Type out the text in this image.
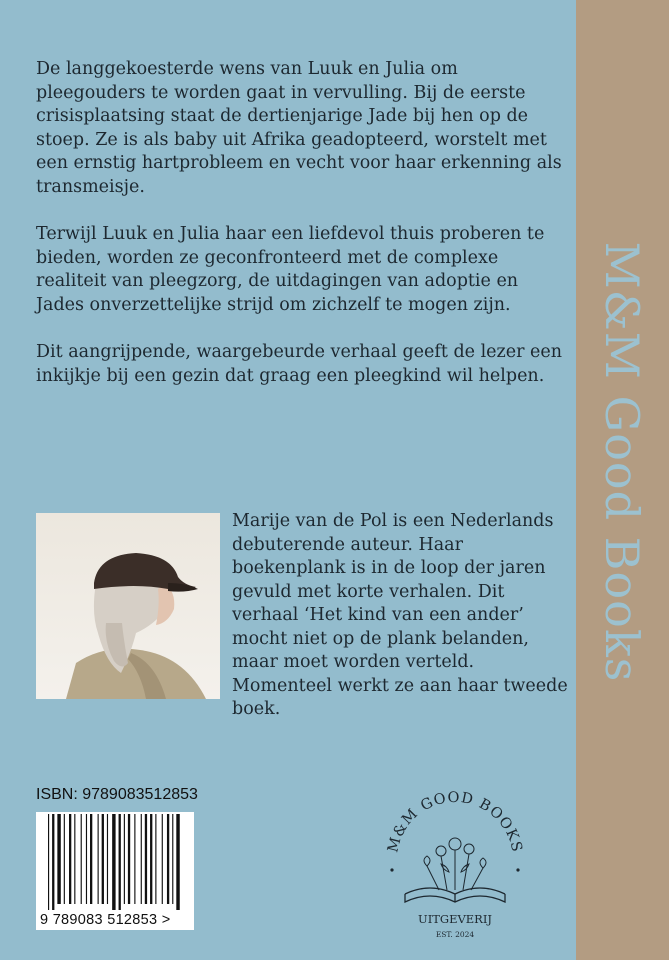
M&M Good Books

De langgekoesterde wens van Luuk en Julia om pleegouders te worden gaat in vervulling. Bij de eerste crisisplaatsing staat de dertienjarige Jade bij hen op de stoep. Ze is als baby uit Afrika geadopteerd, worstelt met een ernstig hartprobleem en vecht voor haar erkenning als transmeisje.

Terwijl Luuk en Julia haar een liefdevol thuis proberen te bieden, worden ze geconfronteerd met de complexe realiteit van pleegzorg, de uitdagingen van adoptie en Jades onverzettelijke strijd om zichzelf te mogen zijn.

Dit aangrijpende, waargebeurde verhaal geeft de lezer een inkijkje bij een gezin dat graag een pleegkind wil helpen.

Marije van de Pol is een Nederlands debuterende auteur. Haar boekenplank is in de loop der jaren gevuld met korte verhalen. Dit verhaal ‘Het kind van een ander’ mocht niet op de plank belanden, maar moet worden verteld. Momenteel werkt ze aan haar tweede boek.

ISBN: 9789083512853
9 789083 512853 >
M&M GOOD BOOKS
UITGEVERIJ
EST. 2024
